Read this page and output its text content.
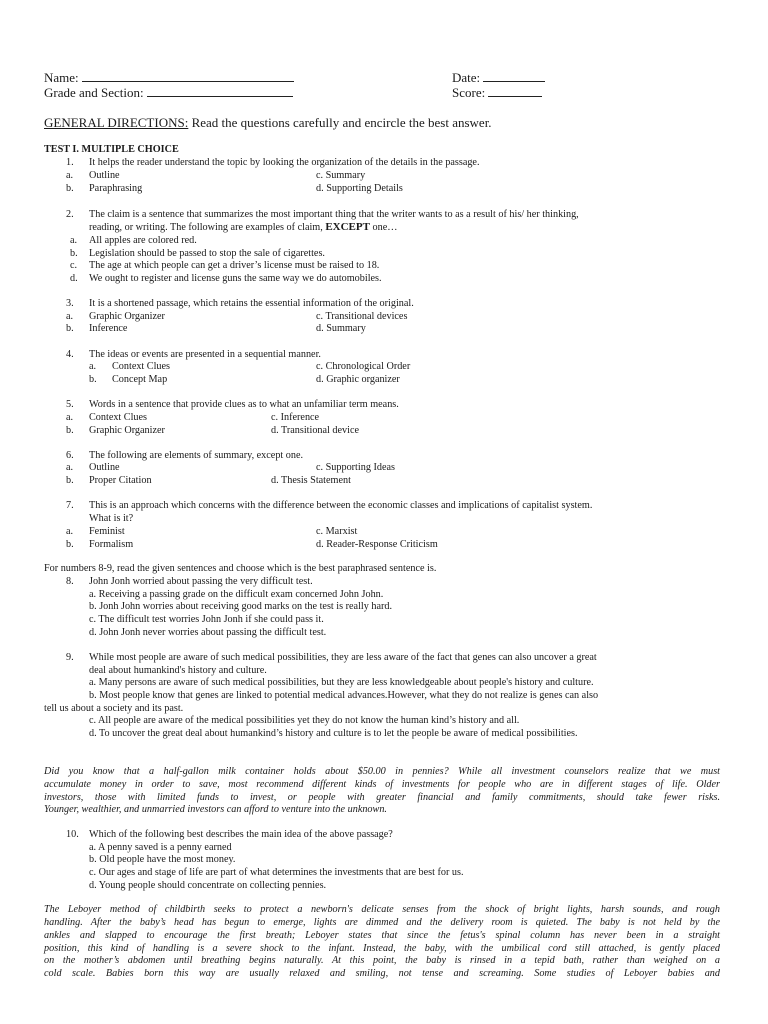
Name:
Grade and Section:
Date:
Score:
GENERAL DIRECTIONS: Read the questions carefully and encircle the best answer.
TEST I. MULTIPLE CHOICE
1. It helps the reader understand the topic by looking the organization of the details in the passage.
a. Outline
b. Paraphrasing
c. Summary
d. Supporting Details
2. The claim is a sentence that summarizes the most important thing that the writer wants to as a result of his/ her thinking,
reading, or writing. The following are examples of claim, EXCEPT one…
a. All apples are colored red.
b. Legislation should be passed to stop the sale of cigarettes.
c. The age at which people can get a driver’s license must be raised to 18.
d. We ought to register and license guns the same way we do automobiles.
3. It is a shortened passage, which retains the essential information of the original.
a. Graphic Organizer
b. Inference
c. Transitional devices
d. Summary
4. The ideas or events are presented in a sequential manner.
a. Context Clues
b. Concept Map
c. Chronological Order
d. Graphic organizer
5. Words in a sentence that provide clues as to what an unfamiliar term means.
a. Context Clues
b. Graphic Organizer
c. Inference
d. Transitional device
6. The following are elements of summary, except one.
a. Outline
b. Proper Citation
c. Supporting Ideas
d. Thesis Statement
7. This is an approach which concerns with the difference between the economic classes and implications of capitalist system.
What is it?
a. Feminist
b. Formalism
c. Marxist
d. Reader-Response Criticism
For numbers 8-9, read the given sentences and choose which is the best paraphrased sentence is.
8. John Jonh worried about passing the very difficult test.
a. Receiving a passing grade on the difficult exam concerned John John.
b. Jonh John worries about receiving good marks on the test is really hard.
c. The difficult test worries John Jonh if she could pass it.
d. John Jonh never worries about passing the difficult test.
9. While most people are aware of such medical possibilities, they are less aware of the fact that genes can also uncover a great
deal about humankind's history and culture.
a. Many persons are aware of such medical possibilities, but they are less knowledgeable about people's history and culture.
b. Most people know that genes are linked to potential medical advances.However, what they do not realize is genes can also
tell us about a society and its past.
c. All people are aware of the medical possibilities yet they do not know the human kind’s history and all.
d. To uncover the great deal about humankind’s history and culture is to let the people be aware of medical possibilities.
Did you know that a half-gallon milk container holds about $50.00 in pennies? While all investment counselors realize that we must
accumulate money in order to save, most recommend different kinds of investments for people who are in different stages of life. Older
investors, those with limited funds to invest, or people with greater financial and family commitments, should take fewer risks.
Younger, wealthier, and unmarried investors can afford to venture into the unknown.
10. Which of the following best describes the main idea of the above passage?
a. A penny saved is a penny earned
b. Old people have the most money.
c. Our ages and stage of life are part of what determines the investments that are best for us.
d. Young people should concentrate on collecting pennies.
The Leboyer method of childbirth seeks to protect a newborn's delicate senses from the shock of bright lights, harsh sounds, and rough
handling. After the baby’s head has begun to emerge, lights are dimmed and the delivery room is quieted. The baby is not held by the
ankles and slapped to encourage the first breath; Leboyer states that since the fetus's spinal column has never been in a straight
position, this kind of handling is a severe shock to the infant. Instead, the baby, with the umbilical cord still attached, is gently placed
on the mother’s abdomen until breathing begins naturally. At this point, the baby is rinsed in a tepid bath, rather than weighed on a
cold scale. Babies born this way are usually relaxed and smiling, not tense and screaming. Some studies of Leboyer babies and
